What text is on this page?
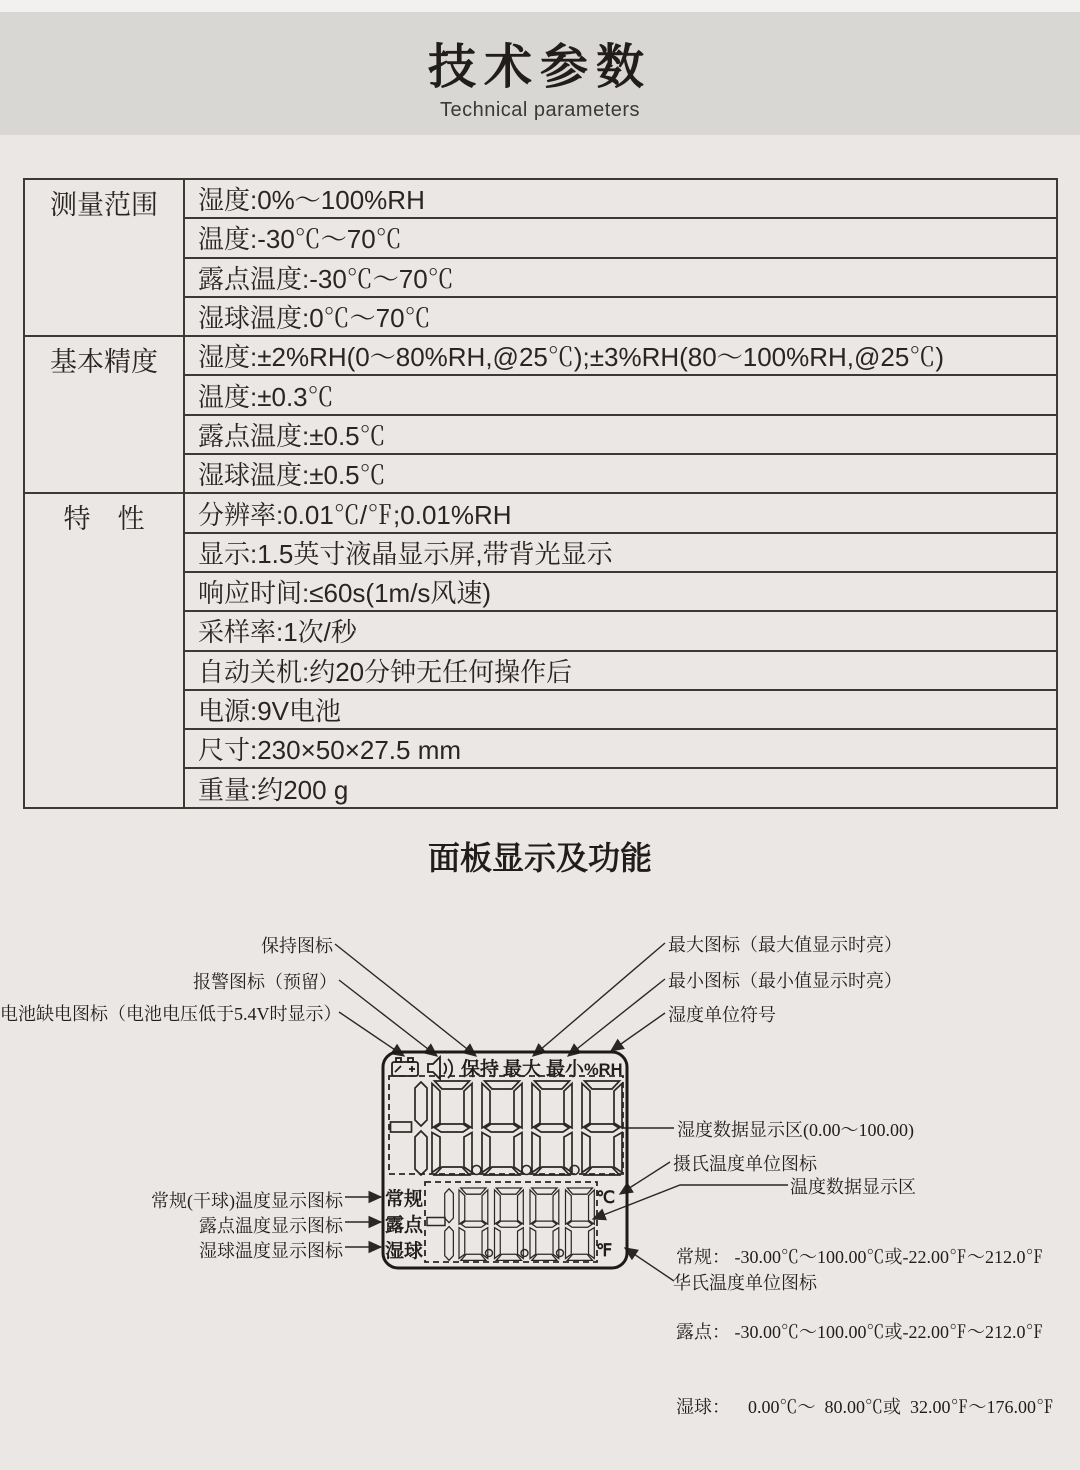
技术参数
Technical parameters
测量范围	湿度:0%～100%RH
	温度:-30℃～70℃
	露点温度:-30℃～70℃
	湿球温度:0℃～70℃
基本精度	湿度:±2%RH(0～80%RH,@25℃);±3%RH(80～100%RH,@25℃)
	温度:±0.3℃
	露点温度:±0.5℃
	湿球温度:±0.5℃
特　性	分辨率:0.01℃/℉;0.01%RH
	显示:1.5英寸液晶显示屏,带背光显示
	响应时间:≤60s(1m/s风速)
	采样率:1次/秒
	自动关机:约20分钟无任何操作后
	电源:9V电池
	尺寸:230×50×27.5 mm
	重量:约200 g
面板显示及功能
保持 最大 最小 %RH
常规
露点
湿球
℃
℉
保持图标
报警图标（预留）
电池缺电图标（电池电压低于5.4V时显示）
最大图标（最大值显示时亮）
最小图标（最小值显示时亮）
湿度单位符号
湿度数据显示区(0.00～100.00)
摄氏温度单位图标
温度数据显示区

常规： -30.00℃～100.00℃或-22.00℉～212.0℉

露点： -30.00℃～100.00℃或-22.00℉～212.0℉

湿球：    0.00℃～  80.00℃或  32.00℉～176.00℉

华氏温度单位图标
常规(干球)温度显示图标
露点温度显示图标
湿球温度显示图标
